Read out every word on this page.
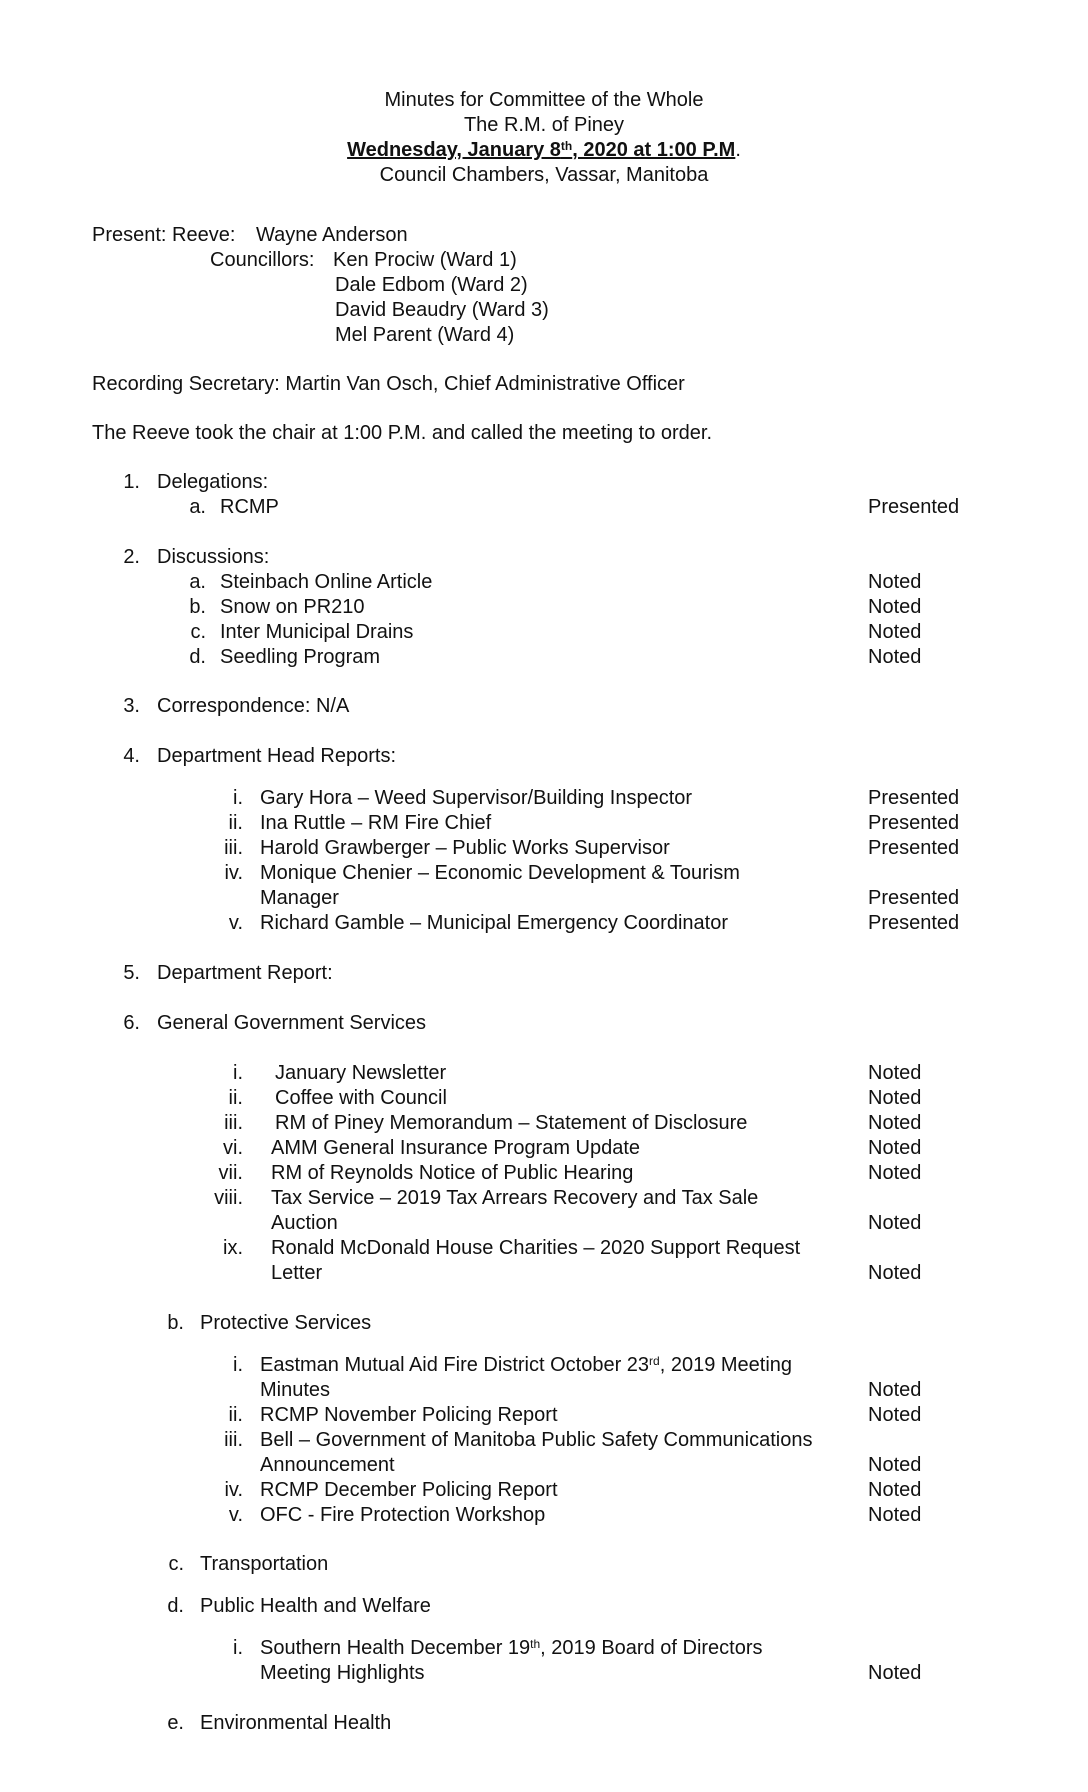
Minutes for Committee of the Whole
The R.M. of Piney
Wednesday, January 8th, 2020 at 1:00 P.M.
Council Chambers, Vassar, Manitoba
Present: Reeve: Wayne Anderson
Councillors: Ken Prociw (Ward 1)
Dale Edbom (Ward 2)
David Beaudry (Ward 3)
Mel Parent (Ward 4)
Recording Secretary: Martin Van Osch, Chief Administrative Officer
The Reeve took the chair at 1:00 P.M. and called the meeting to order.
1. Delegations:
a. RCMP	Presented
2. Discussions:
a. Steinbach Online Article	Noted
b. Snow on PR210	Noted
c. Inter Municipal Drains	Noted
d. Seedling Program	Noted
3. Correspondence: N/A
4. Department Head Reports:
i. Gary Hora – Weed Supervisor/Building Inspector	Presented
ii. Ina Ruttle – RM Fire Chief	Presented
iii. Harold Grawberger – Public Works Supervisor	Presented
iv. Monique Chenier – Economic Development & Tourism
Manager	Presented
v. Richard Gamble – Municipal Emergency Coordinator	Presented
5. Department Report:
6. General Government Services
i. January Newsletter	Noted
ii. Coffee with Council	Noted
iii. RM of Piney Memorandum – Statement of Disclosure	Noted
vi. AMM General Insurance Program Update	Noted
vii. RM of Reynolds Notice of Public Hearing	Noted
viii. Tax Service – 2019 Tax Arrears Recovery and Tax Sale
Auction	Noted
ix. Ronald McDonald House Charities – 2020 Support Request
Letter	Noted
b. Protective Services
i. Eastman Mutual Aid Fire District October 23rd, 2019 Meeting
Minutes	Noted
ii. RCMP November Policing Report	Noted
iii. Bell – Government of Manitoba Public Safety Communications
Announcement	Noted
iv. RCMP December Policing Report	Noted
v. OFC - Fire Protection Workshop	Noted
c. Transportation
d. Public Health and Welfare
i. Southern Health December 19th, 2019 Board of Directors
Meeting Highlights	Noted
e. Environmental Health
